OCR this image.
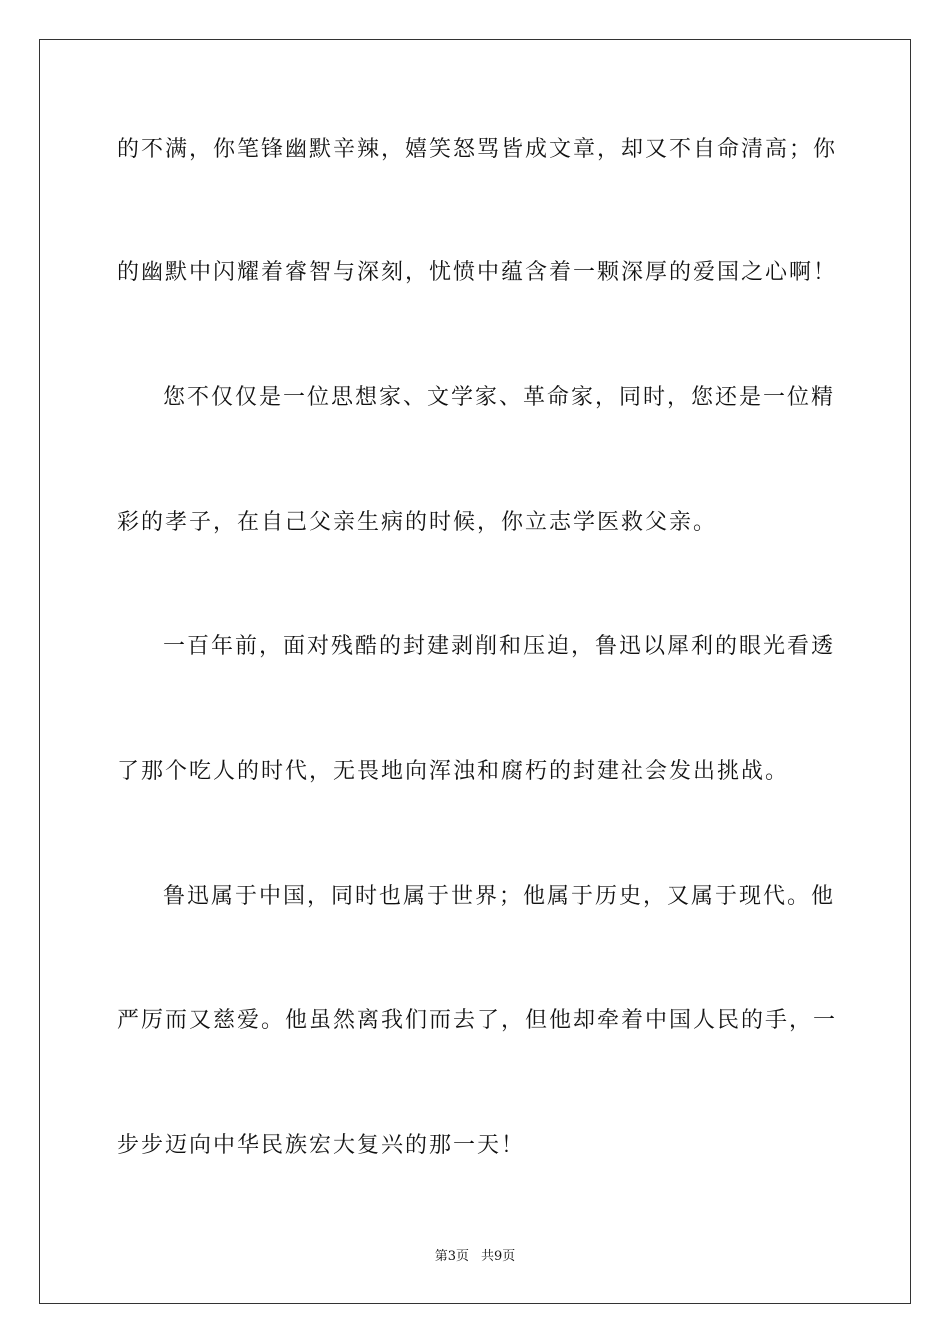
的不满，你笔锋幽默辛辣，嬉笑怒骂皆成文章，却又不自命清高；你
的幽默中闪耀着睿智与深刻，忧愤中蕴含着一颗深厚的爱国之心啊！
您不仅仅是一位思想家、文学家、革命家，同时，您还是一位精
彩的孝子，在自己父亲生病的时候，你立志学医救父亲。
一百年前，面对残酷的封建剥削和压迫，鲁迅以犀利的眼光看透
了那个吃人的时代，无畏地向浑浊和腐朽的封建社会发出挑战。
鲁迅属于中国，同时也属于世界；他属于历史，又属于现代。他
严厉而又慈爱。他虽然离我们而去了，但他却牵着中国人民的手，一
步步迈向中华民族宏大复兴的那一天！
第3页 共9页
